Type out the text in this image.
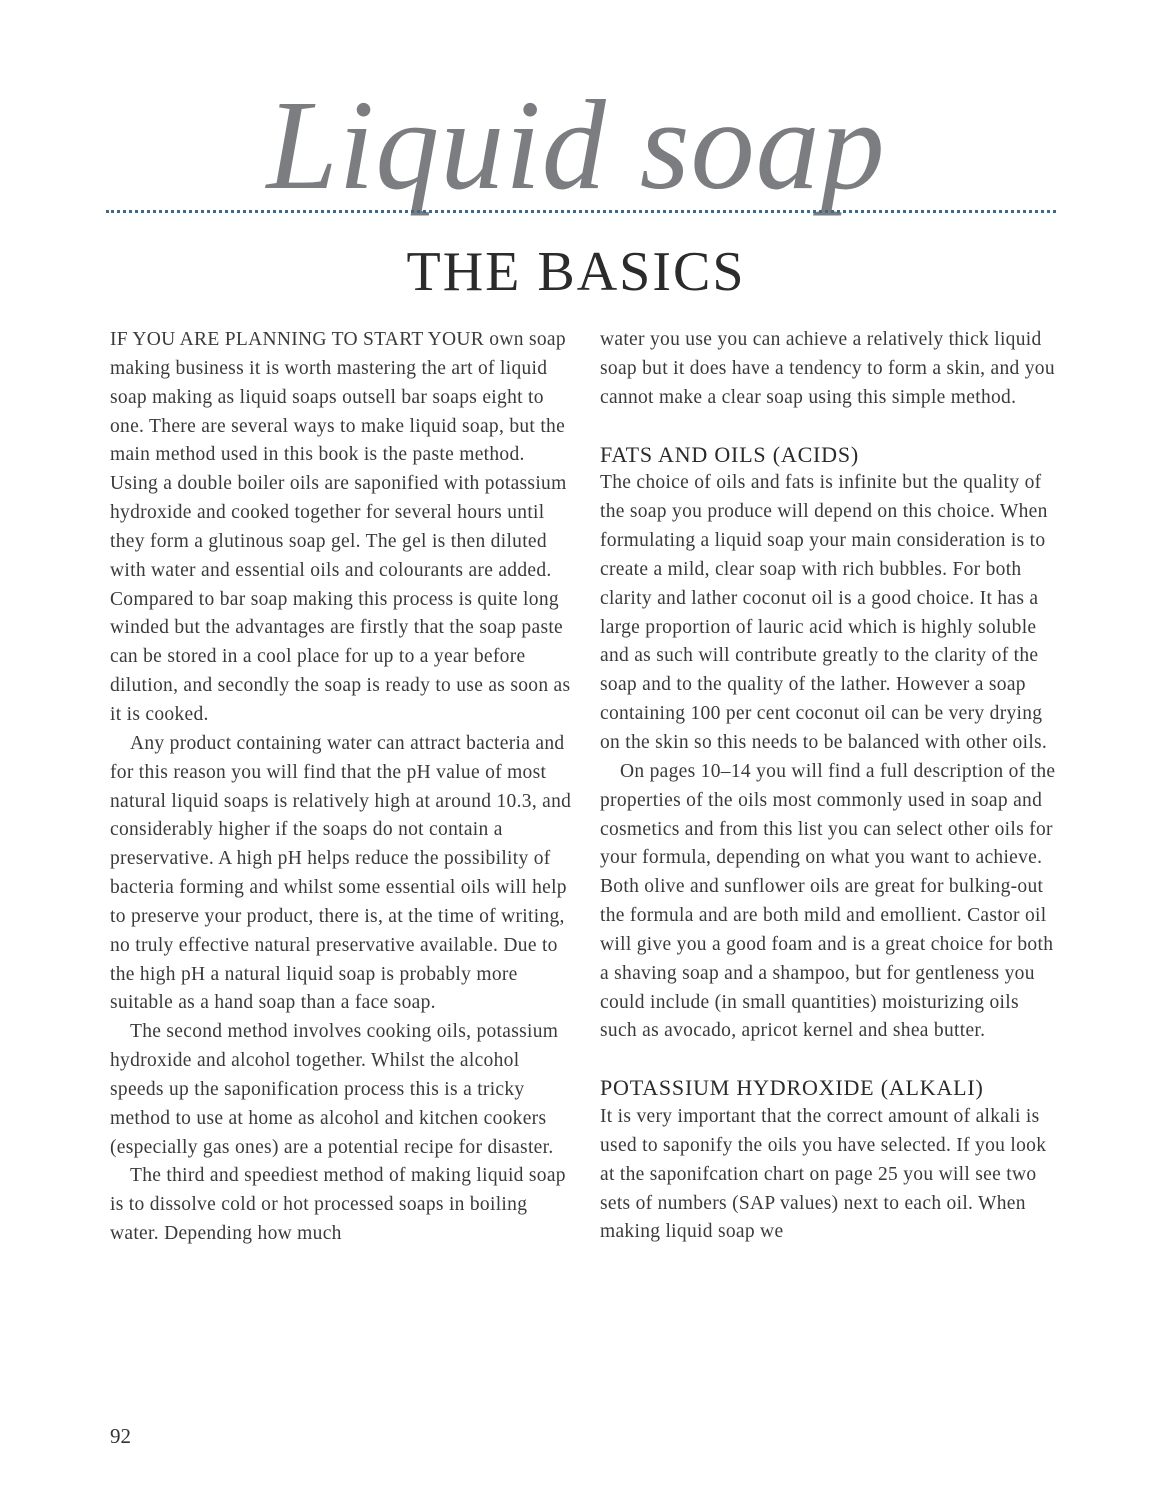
Liquid soap
THE BASICS

IF YOU ARE PLANNING TO START YOUR own soap making business it is worth mastering the art of liquid soap making as liquid soaps outsell bar soaps eight to one. There are several ways to make liquid soap, but the main method used in this book is the paste method. Using a double boiler oils are saponified with potassium hydroxide and cooked together for several hours until they form a glutinous soap gel. The gel is then diluted with water and essential oils and colourants are added. Compared to bar soap making this process is quite long winded but the advantages are firstly that the soap paste can be stored in a cool place for up to a year before dilution, and secondly the soap is ready to use as soon as it is cooked.

Any product containing water can attract bacteria and for this reason you will find that the pH value of most natural liquid soaps is relatively high at around 10.3, and considerably higher if the soaps do not contain a preservative. A high pH helps reduce the possibility of bacteria forming and whilst some essential oils will help to preserve your product, there is, at the time of writing, no truly effective natural preservative available. Due to the high pH a natural liquid soap is probably more suitable as a hand soap than a face soap.

The second method involves cooking oils, potassium hydroxide and alcohol together. Whilst the alcohol speeds up the saponification process this is a tricky method to use at home as alcohol and kitchen cookers (especially gas ones) are a potential recipe for disaster.

The third and speediest method of making liquid soap is to dissolve cold or hot processed soaps in boiling water. Depending how much

water you use you can achieve a relatively thick liquid soap but it does have a tendency to form a skin, and you cannot make a clear soap using this simple method.

FATS AND OILS (ACIDS)

The choice of oils and fats is infinite but the quality of the soap you produce will depend on this choice. When formulating a liquid soap your main consideration is to create a mild, clear soap with rich bubbles. For both clarity and lather coconut oil is a good choice. It has a large proportion of lauric acid which is highly soluble and as such will contribute greatly to the clarity of the soap and to the quality of the lather. However a soap containing 100 per cent coconut oil can be very drying on the skin so this needs to be balanced with other oils.

On pages 10–14 you will find a full description of the properties of the oils most commonly used in soap and cosmetics and from this list you can select other oils for your formula, depending on what you want to achieve. Both olive and sunflower oils are great for bulking-out the formula and are both mild and emollient. Castor oil will give you a good foam and is a great choice for both a shaving soap and a shampoo, but for gentleness you could include (in small quantities) moisturizing oils such as avocado, apricot kernel and shea butter.

POTASSIUM HYDROXIDE (ALKALI)

It is very important that the correct amount of alkali is used to saponify the oils you have selected. If you look at the saponifcation chart on page 25 you will see two sets of numbers (SAP values) next to each oil. When making liquid soap we

92
